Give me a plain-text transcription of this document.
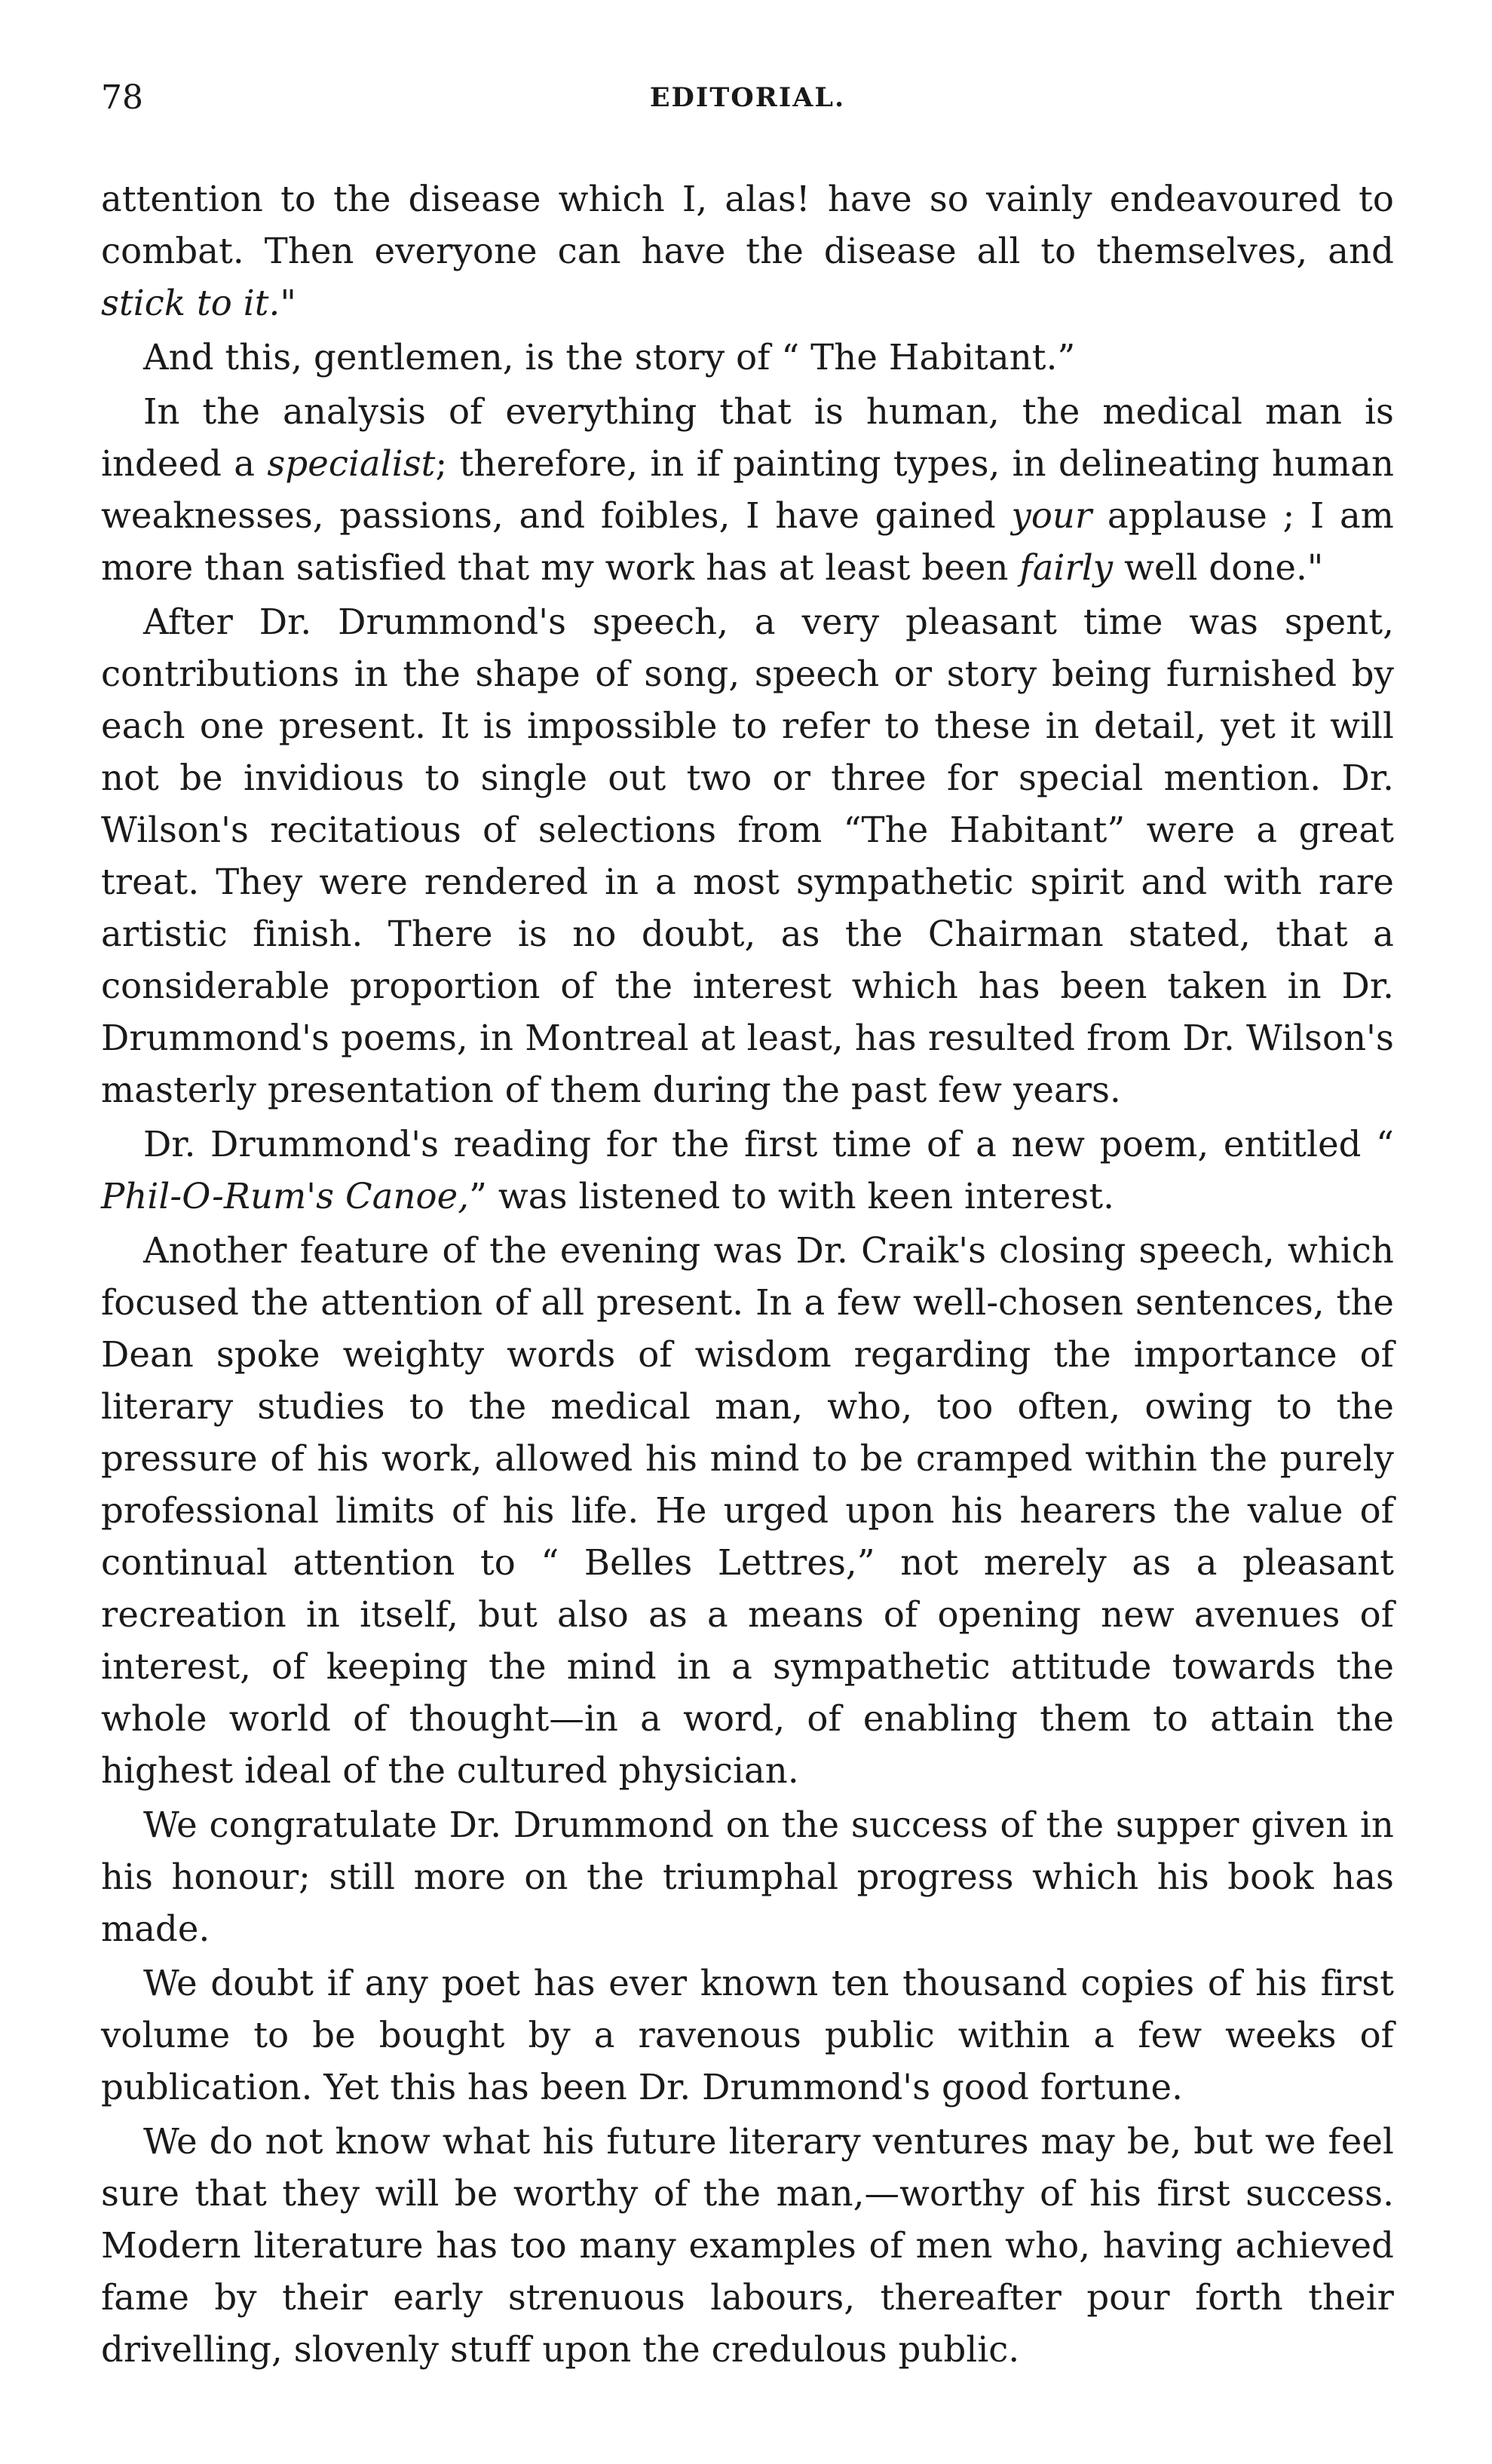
78	EDITORIAL.

attention to the disease which I, alas! have so vainly endeavoured to combat. Then everyone can have the disease all to themselves, and stick to it."

And this, gentlemen, is the story of “ The Habitant.”

In the analysis of everything that is human, the medical man is indeed a specialist; therefore, in if painting types, in delineating human weaknesses, passions, and foibles, I have gained your applause ; I am more than satisfied that my work has at least been fairly well done."

After Dr. Drummond's speech, a very pleasant time was spent, contributions in the shape of song, speech or story being furnished by each one present. It is impossible to refer to these in detail, yet it will not be invidious to single out two or three for special mention. Dr. Wilson's recitatious of selections from “The Habitant” were a great treat. They were rendered in a most sympathetic spirit and with rare artistic finish. There is no doubt, as the Chairman stated, that a considerable proportion of the interest which has been taken in Dr. Drummond's poems, in Montreal at least, has resulted from Dr. Wilson's masterly presentation of them during the past few years.

Dr. Drummond's reading for the first time of a new poem, entitled “ Phil-O-Rum's Canoe,” was listened to with keen interest.

Another feature of the evening was Dr. Craik's closing speech, which focused the attention of all present. In a few well-chosen sentences, the Dean spoke weighty words of wisdom regarding the importance of literary studies to the medical man, who, too often, owing to the pressure of his work, allowed his mind to be cramped within the purely professional limits of his life. He urged upon his hearers the value of continual attention to “ Belles Lettres,” not merely as a pleasant recreation in itself, but also as a means of opening new avenues of interest, of keeping the mind in a sympathetic attitude towards the whole world of thought—in a word, of enabling them to attain the highest ideal of the cultured physician.

We congratulate Dr. Drummond on the success of the supper given in his honour; still more on the triumphal progress which his book has made.

We doubt if any poet has ever known ten thousand copies of his first volume to be bought by a ravenous public within a few weeks of publication. Yet this has been Dr. Drummond's good fortune.

We do not know what his future literary ventures may be, but we feel sure that they will be worthy of the man,—worthy of his first success. Modern literature has too many examples of men who, having achieved fame by their early strenuous labours, thereafter pour forth their drivelling, slovenly stuff upon the credulous public.
